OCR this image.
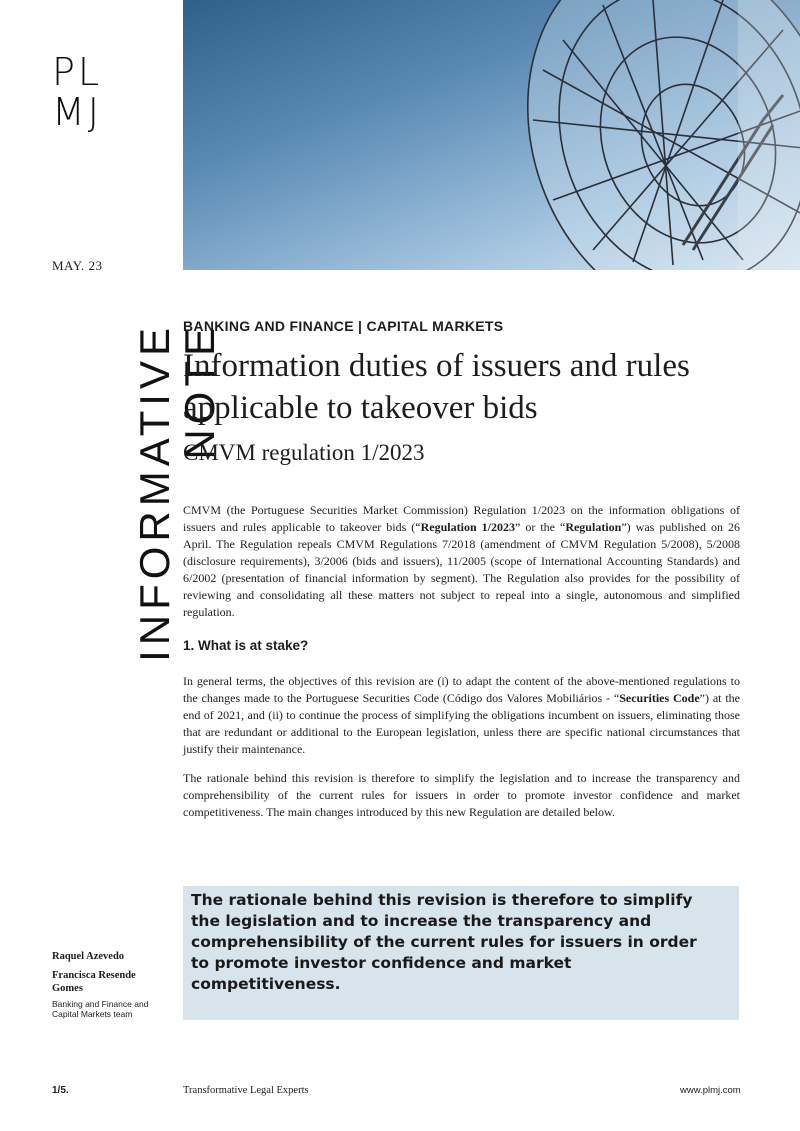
PL
MJ
MAY. 23
INFORMATIVE
NOTE
BANKING AND FINANCE | CAPITAL MARKETS
Information duties of issuers and rules applicable to takeover bids
CMVM regulation 1/2023
CMVM (the Portuguese Securities Market Commission) Regulation 1/2023 on the information obligations of issuers and rules applicable to takeover bids (“Regulation 1/2023” or the “Regulation”) was published on 26 April. The Regulation repeals CMVM Regulations 7/2018 (amendment of CMVM Regulation 5/2008), 5/2008 (disclosure requirements), 3/2006 (bids and issuers), 11/2005 (scope of International Accounting Standards) and 6/2002 (presentation of financial information by segment). The Regulation also provides for the possibility of reviewing and consolidating all these matters not subject to repeal into a single, autonomous and simplified regulation.
1. What is at stake?
In general terms, the objectives of this revision are (i) to adapt the content of the above-mentioned regulations to the changes made to the Portuguese Securities Code (Código dos Valores Mobiliários - “Securities Code”) at the end of 2021, and (ii) to continue the process of simplifying the obligations incumbent on issuers, eliminating those that are redundant or additional to the European legislation, unless there are specific national circumstances that justify their maintenance.
The rationale behind this revision is therefore to simplify the legislation and to increase the transparency and comprehensibility of the current rules for issuers in order to promote investor confidence and market competitiveness. The main changes introduced by this new Regulation are detailed below.
The rationale behind this revision is therefore to simplify the legislation and to increase the transparency and comprehensibility of the current rules for issuers in order to promote investor confidence and market competitiveness.
Raquel Azevedo
Francisca Resende Gomes
Banking and Finance and Capital Markets team
1/5.	Transformative Legal Experts	www.plmj.com
